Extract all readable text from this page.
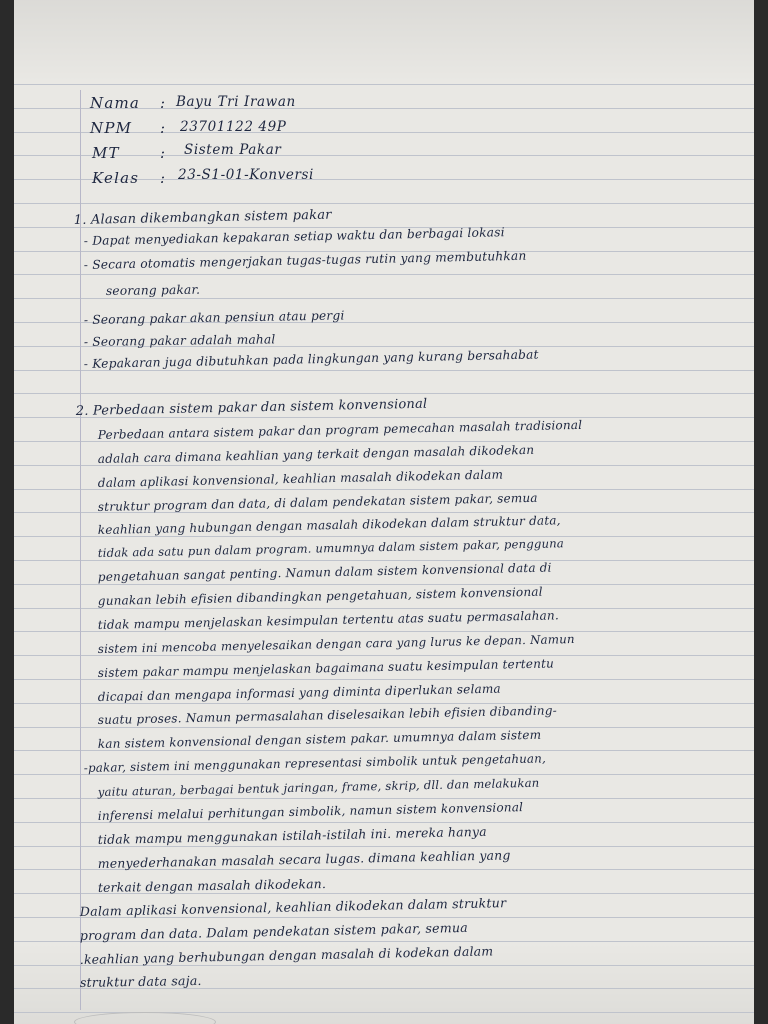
Nama : Bayu Tri Irawan
NPM : 23701122 49P
MT	: Sistem Pakar
Kelas : 23-S1-01-Konversi
1. Alasan dikembangkan sistem pakar
- Dapat menyediakan kepakaran setiap waktu dan berbagai lokasi
- Secara otomatis mengerjakan tugas-tugas rutin yang membutuhkan
seorang pakar.
- Seorang pakar akan pensiun atau pergi
- Seorang pakar adalah mahal
- Kepakaran juga dibutuhkan pada lingkungan yang kurang bersahabat
2. Perbedaan sistem pakar dan sistem konvensional
Perbedaan antara sistem pakar dan program pemecahan masalah tradisional
adalah cara dimana keahlian yang terkait dengan masalah dikodekan
dalam aplikasi konvensional, keahlian masalah dikodekan dalam
struktur program dan data, di dalam pendekatan sistem pakar, semua
keahlian yang hubungan dengan masalah dikodekan dalam struktur data,
tidak ada satu pun dalam program. umumnya dalam sistem pakar, pengguna
pengetahuan sangat penting. Namun dalam sistem konvensional data di
gunakan lebih efisien dibandingkan pengetahuan, sistem konvensional
tidak mampu menjelaskan kesimpulan tertentu atas suatu permasalahan.
sistem ini mencoba menyelesaikan dengan cara yang lurus ke depan. Namun
sistem pakar mampu menjelaskan bagaimana suatu kesimpulan tertentu
dicapai dan mengapa informasi yang diminta diperlukan selama
suatu proses. Namun permasalahan diselesaikan lebih efisien dibanding-
kan sistem konvensional dengan sistem pakar. umumnya dalam sistem
-pakar, sistem ini menggunakan representasi simbolik untuk pengetahuan,
yaitu aturan, berbagai bentuk jaringan, frame, skrip, dll. dan melakukan
inferensi melalui perhitungan simbolik, namun sistem konvensional
tidak mampu menggunakan istilah-istilah ini. mereka hanya
menyederhanakan masalah secara lugas. dimana keahlian yang
terkait dengan masalah dikodekan.
Dalam aplikasi konvensional, keahlian dikodekan dalam struktur
program dan data. Dalam pendekatan sistem pakar, semua
.keahlian yang berhubungan dengan masalah di kodekan dalam
struktur data saja.
